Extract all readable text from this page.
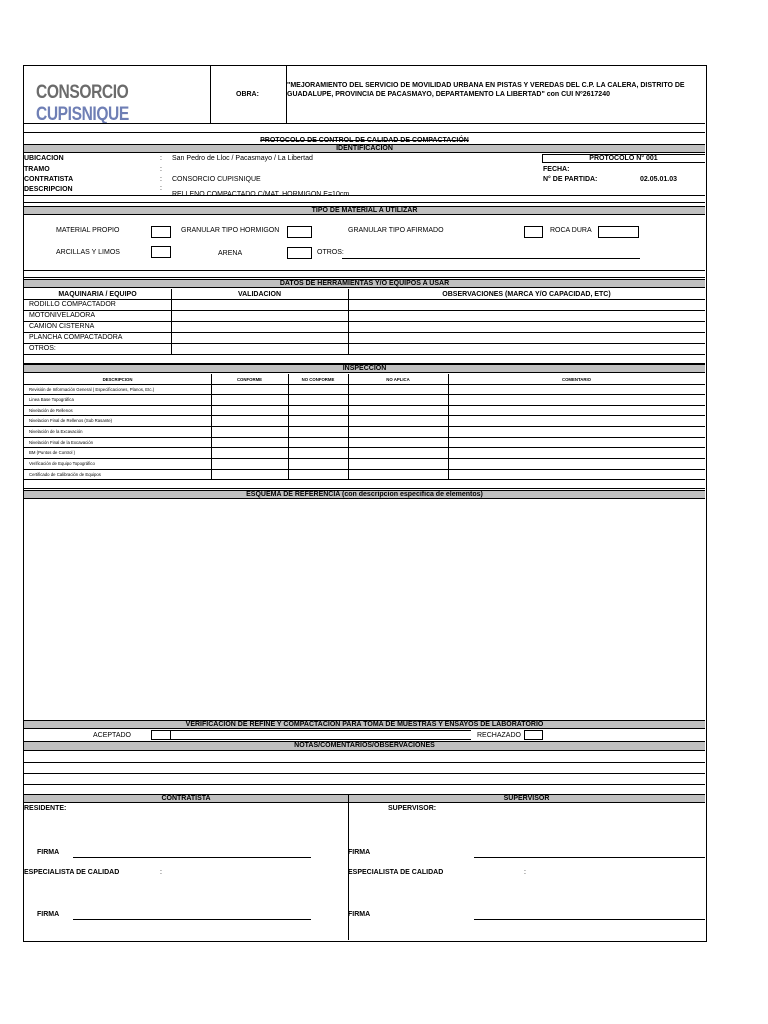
CONSORCIO CUPISNIQUE
OBRA:
"MEJORAMIENTO DEL SERVICIO DE MOVILIDAD URBANA EN PISTAS Y VEREDAS DEL C.P. LA CALERA, DISTRITO DE
GUADALUPE, PROVINCIA DE PACASMAYO, DEPARTAMENTO LA LIBERTAD" con CUI Nº2617240
PROTOCOLO DE CONTROL DE CALIDAD DE COMPACTACIÓN
IDENTIFICACION
UBICACION	: San Pedro de Lloc / Pacasmayo / La Libertad
TRAMO	:
CONTRATISTA	: CONSORCIO CUPISNIQUE
DESCRIPCION	:
RELLENO COMPACTADO C/MAT. HORMIGON E=10cm
PROTOCOLO N° 001
FECHA:
N° DE PARTIDA:	02.05.01.03
TIPO DE MATERIAL A UTILIZAR
MATERIAL PROPIO	GRANULAR TIPO HORMIGON	GRANULAR TIPO AFIRMADO	ROCA DURA
ARCILLAS Y LIMOS	ARENA	OTROS:
DATOS DE HERRAMIENTAS Y/O EQUIPOS A USAR
MAQUINARIA / EQUIPO	VALIDACION	OBSERVACIONES (MARCA Y/O CAPACIDAD, ETC)
RODILLO COMPACTADOR
MOTONIVELADORA
CAMION CISTERNA
PLANCHA COMPACTADORA
OTROS:
INSPECCION
DESCRIPCION	CONFORME	NO CONFORME	NO APLICA	COMENTARIO
Revisión de Información General ( Especificaciones, Planos, Etc.)
Linea Base Topográfica
Nivelación de Rellenos
Nivelacion Final de Rellenos (Sub Rasante)
Nivelación de la Excavación
Nivelación Final de la Excavación
BM (Puntos de Control )
Verificación de Equipo Topográfico
Certificado de Calibración de Equipos
ESQUEMA DE REFERENCIA (con descripcion especifica de elementos)
VERIFICACION DE REFINE Y COMPACTACION PARA TOMA DE MUESTRAS Y ENSAYOS DE LABORATORIO
ACEPTADO	RECHAZADO
NOTAS/COMENTARIOS/OBSERVACIONES
CONTRATISTA	SUPERVISOR
RESIDENTE:	SUPERVISOR:
FIRMA	FIRMA
ESPECIALISTA DE CALIDAD	:	ESPECIALISTA DE CALIDAD	:
FIRMA	FIRMA
